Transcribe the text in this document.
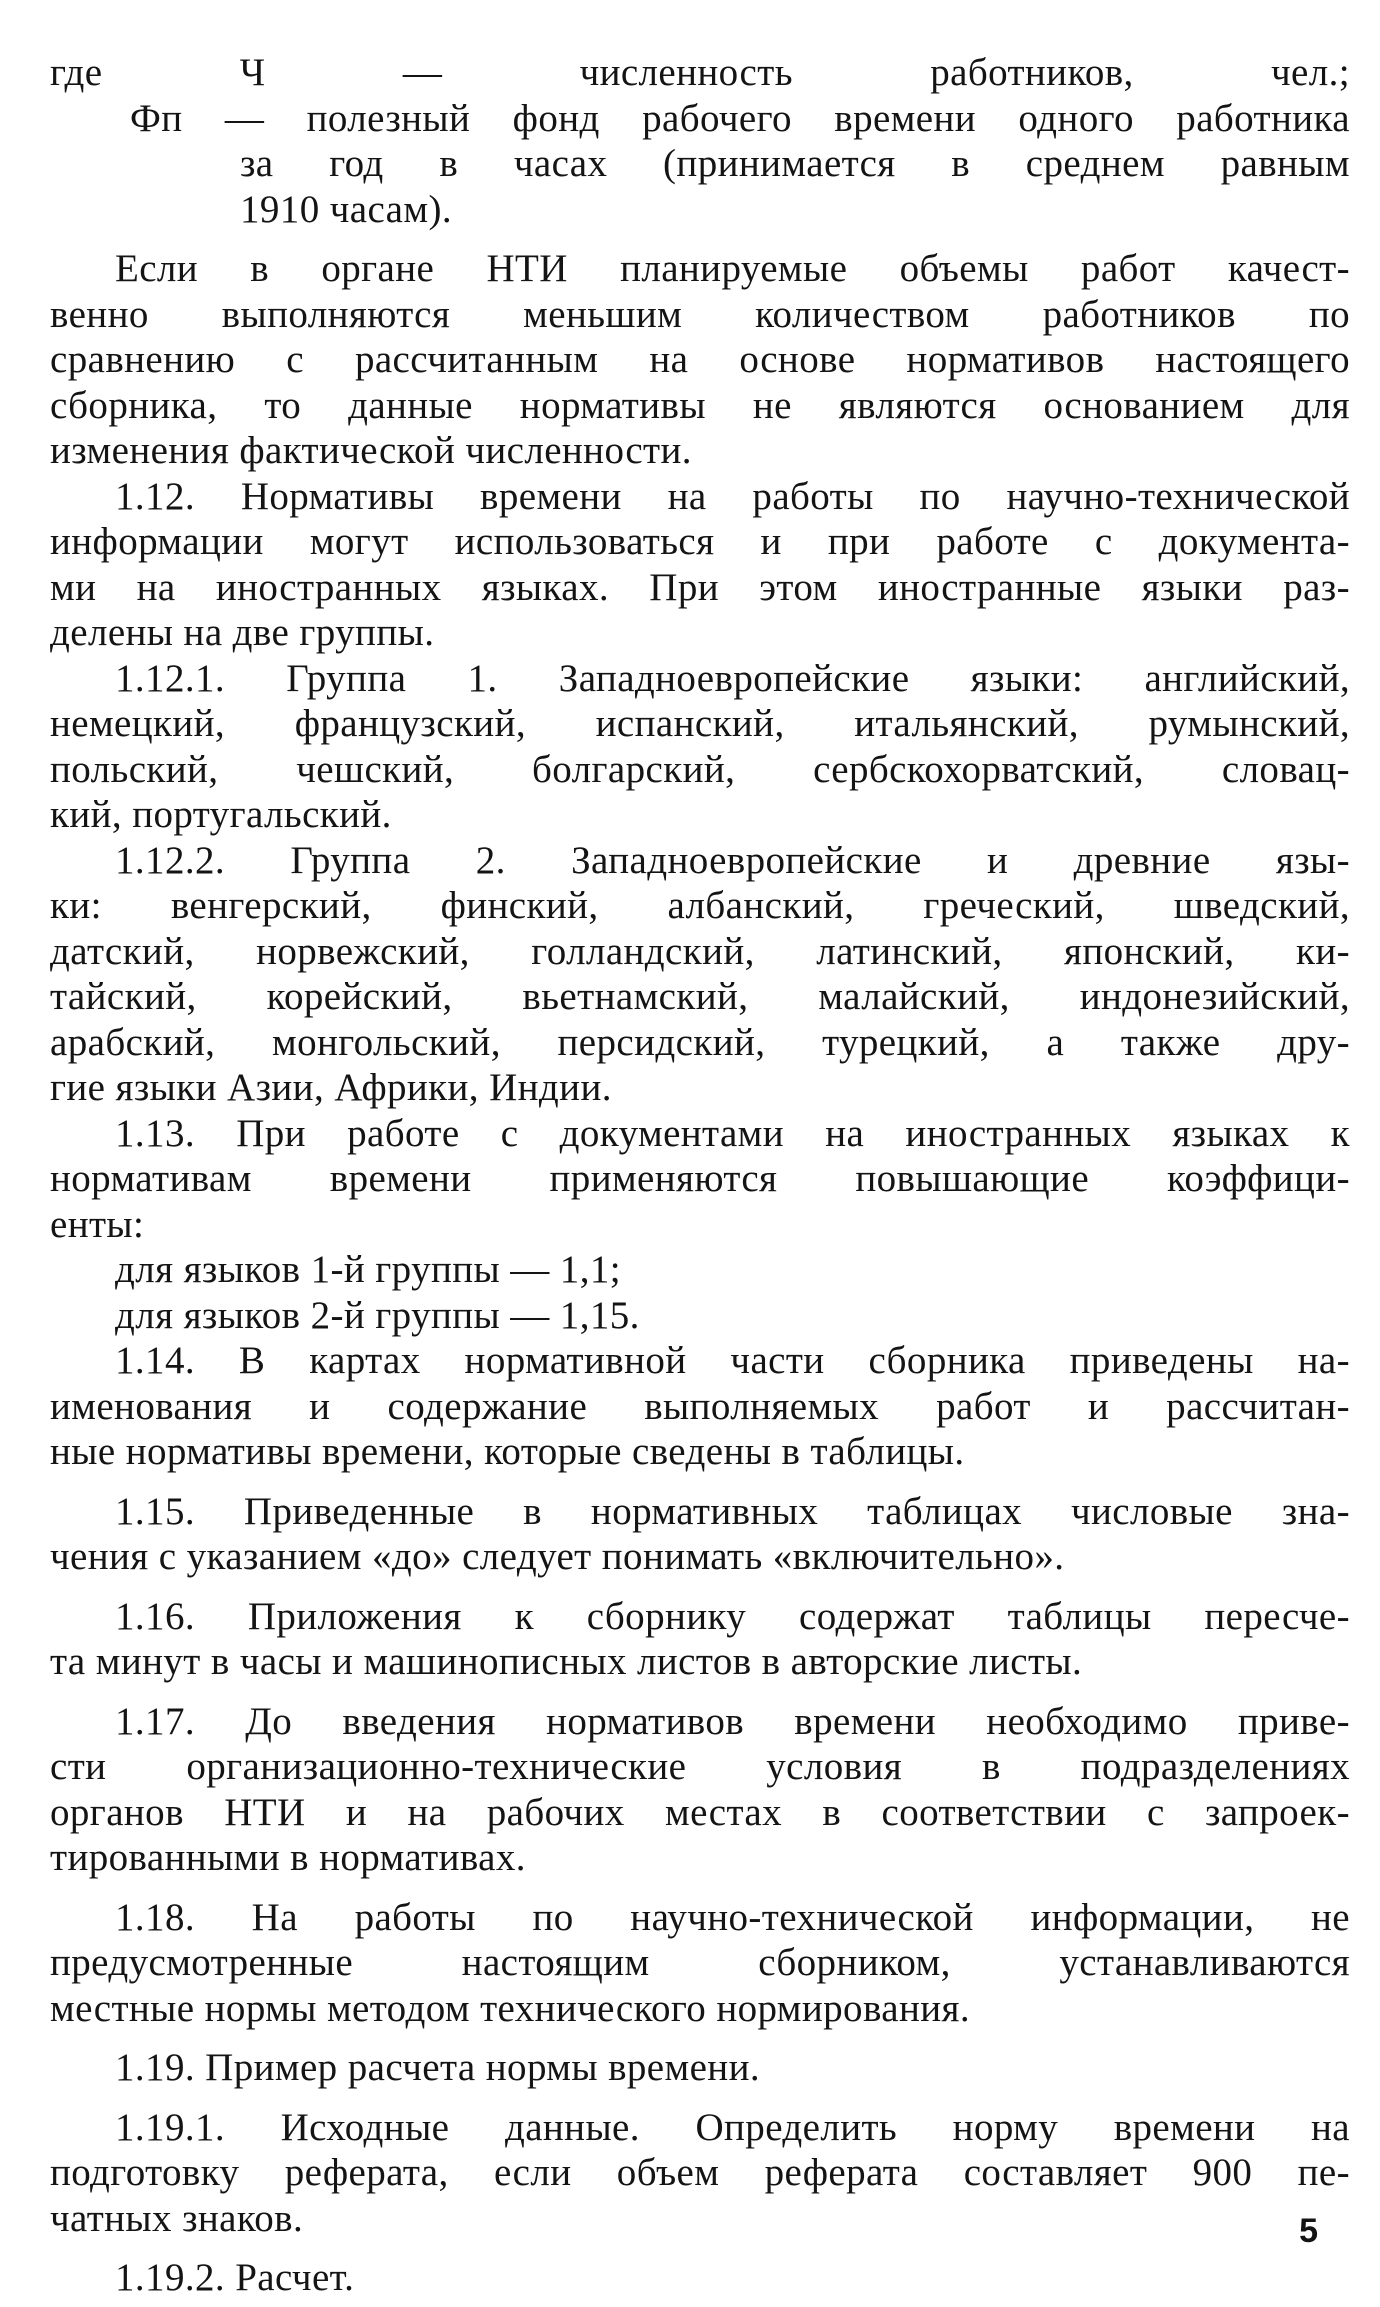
где Ч — численность работников, чел.;
Фп — полезный фонд рабочего времени одного работника
за год в часах (принимается в среднем равным
1910 часам).
Если в органе НТИ планируемые объемы работ качест-
венно выполняются меньшим количеством работников по
сравнению с рассчитанным на основе нормативов настоящего
сборника, то данные нормативы не являются основанием для
изменения фактической численности.
1.12. Нормативы времени на работы по научно-технической
информации могут использоваться и при работе с документа-
ми на иностранных языках. При этом иностранные языки раз-
делены на две группы.
1.12.1. Группа 1. Западноевропейские языки: английский,
немецкий, французский, испанский, итальянский, румынский,
польский, чешский, болгарский, сербскохорватский, словац-
кий, португальский.
1.12.2. Группа 2. Западноевропейские и древние язы-
ки: венгерский, финский, албанский, греческий, шведский,
датский, норвежский, голландский, латинский, японский, ки-
тайский, корейский, вьетнамский, малайский, индонезийский,
арабский, монгольский, персидский, турецкий, а также дру-
гие языки Азии, Африки, Индии.
1.13. При работе с документами на иностранных языках к
нормативам времени применяются повышающие коэффици-
енты:
для языков 1-й группы — 1,1;
для языков 2-й группы — 1,15.
1.14. В картах нормативной части сборника приведены на-
именования и содержание выполняемых работ и рассчитан-
ные нормативы времени, которые сведены в таблицы.
1.15. Приведенные в нормативных таблицах числовые зна-
чения с указанием «до» следует понимать «включительно».
1.16. Приложения к сборнику содержат таблицы пересче-
та минут в часы и машинописных листов в авторские листы.
1.17. До введения нормативов времени необходимо приве-
сти организационно-технические условия в подразделениях
органов НТИ и на рабочих местах в соответствии с запроек-
тированными в нормативах.
1.18. На работы по научно-технической информации, не
предусмотренные настоящим сборником, устанавливаются
местные нормы методом технического нормирования.
1.19. Пример расчета нормы времени.
1.19.1. Исходные данные. Определить норму времени на
подготовку реферата, если объем реферата составляет 900 пе-
чатных знаков.
1.19.2. Расчет.
5
